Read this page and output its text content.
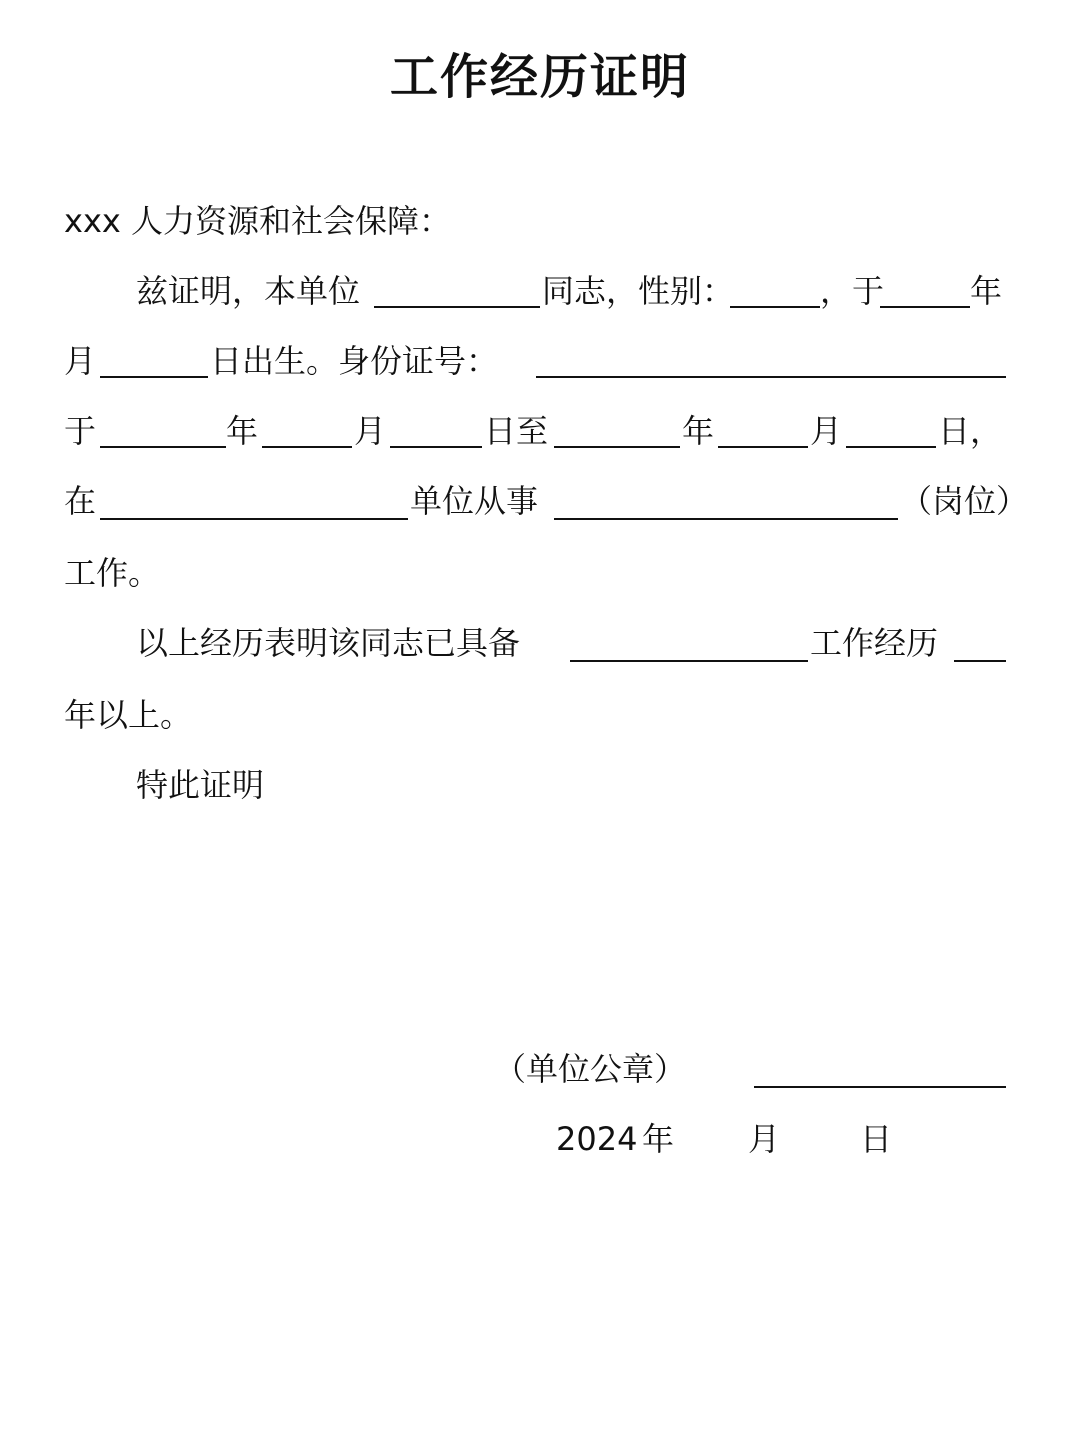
工作经历证明
xxx 人力资源和社会保障：
兹证明，本单位	同志，性别：	，于	年
月	日出生。身份证号：
于	年	月	日至	年	月	日，
在	单位从事	（岗位）
工作。
以上经历表明该同志已具备	工作经历
年以上。
特此证明
（单位公章）
2024 年 月 日
